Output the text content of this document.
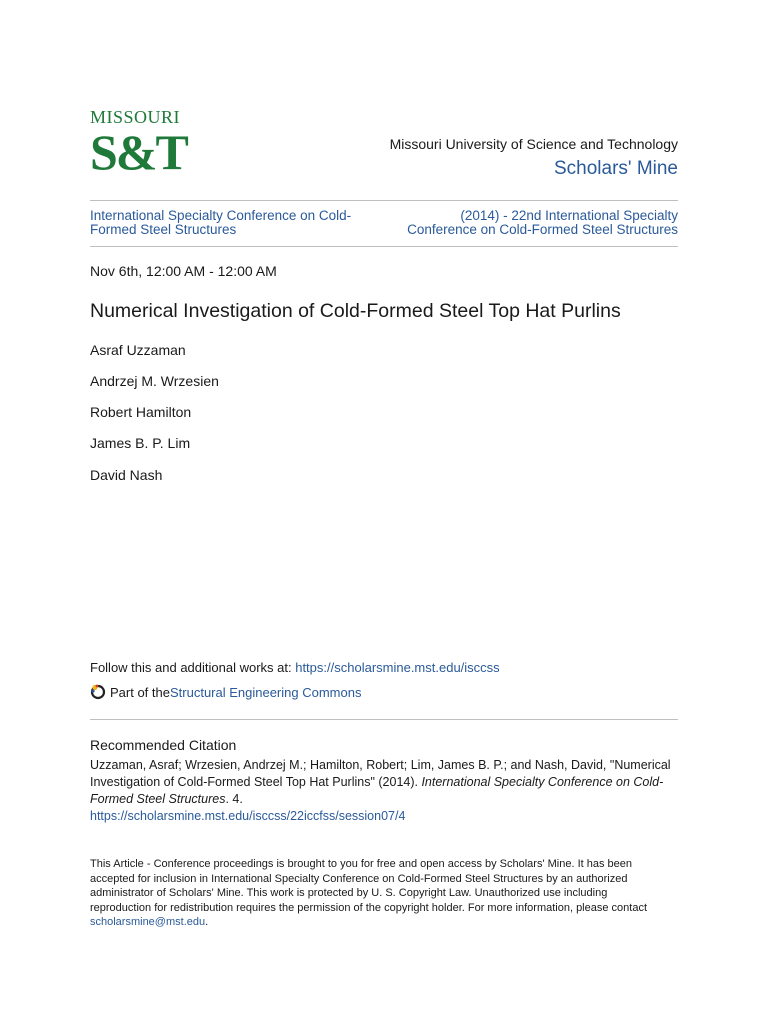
MISSOURI
S&T	Missouri University of Science and Technology
Scholars' Mine
International Specialty Conference on Cold-Formed Steel Structures
(2014) - 22nd International Specialty Conference on Cold-Formed Steel Structures
Nov 6th, 12:00 AM - 12:00 AM
Numerical Investigation of Cold-Formed Steel Top Hat Purlins
Asraf Uzzaman
Andrzej M. Wrzesien
Robert Hamilton
James B. P. Lim
David Nash
Follow this and additional works at: https://scholarsmine.mst.edu/isccss
Part of the Structural Engineering Commons
Recommended Citation
Uzzaman, Asraf; Wrzesien, Andrzej M.; Hamilton, Robert; Lim, James B. P.; and Nash, David, "Numerical Investigation of Cold-Formed Steel Top Hat Purlins" (2014). International Specialty Conference on Cold-Formed Steel Structures. 4.
https://scholarsmine.mst.edu/isccss/22iccfss/session07/4
This Article - Conference proceedings is brought to you for free and open access by Scholars' Mine. It has been accepted for inclusion in International Specialty Conference on Cold-Formed Steel Structures by an authorized administrator of Scholars' Mine. This work is protected by U. S. Copyright Law. Unauthorized use including reproduction for redistribution requires the permission of the copyright holder. For more information, please contact scholarsmine@mst.edu.
